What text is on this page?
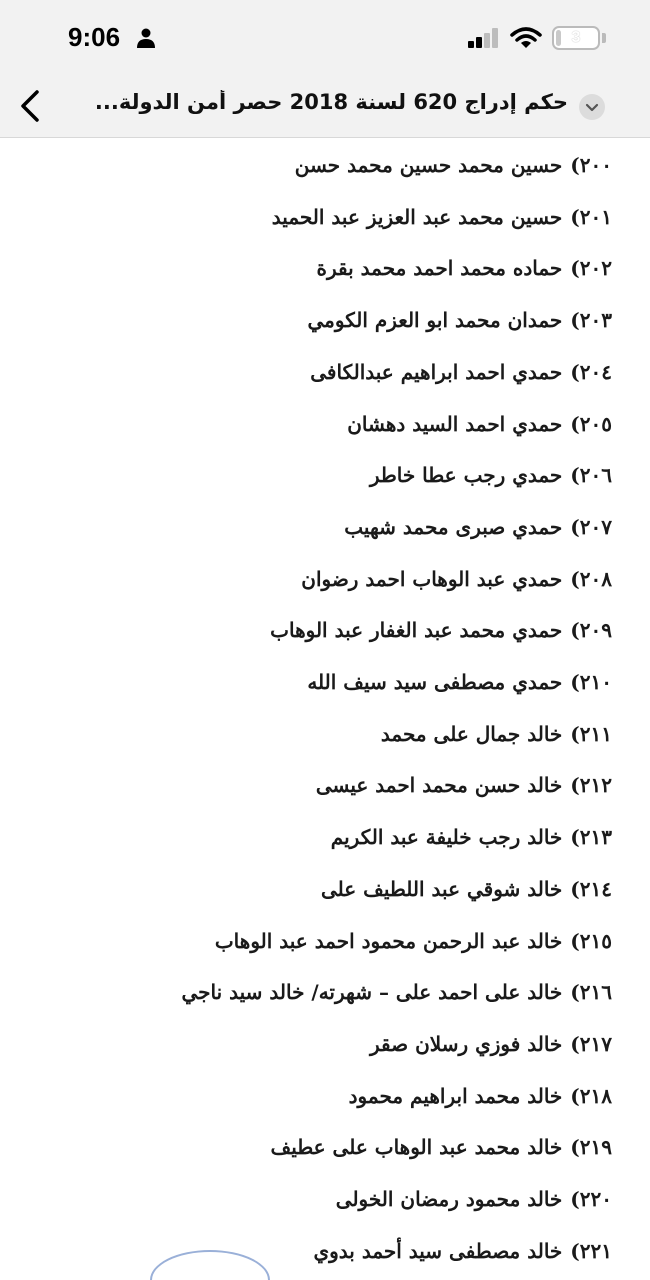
9:06	3
حكم إدراج 620 لسنة 2018 حصر أمن الدولة...
٢٠٠)حسين محمد حسين محمد حسن
٢٠١)حسين محمد عبد العزيز عبد الحميد
٢٠٢)حماده محمد احمد محمد بقرة
٢٠٣)حمدان محمد ابو العزم الكومي
٢٠٤)حمدي احمد ابراهيم عبدالكافى
٢٠٥)حمدي احمد السيد دهشان
٢٠٦)حمدي رجب عطا خاطر
٢٠٧)حمدي صبرى محمد شهيب
٢٠٨)حمدي عبد الوهاب احمد رضوان
٢٠٩)حمدي محمد عبد الغفار عبد الوهاب
٢١٠)حمدي مصطفى سيد سيف الله
٢١١)خالد جمال على محمد
٢١٢)خالد حسن محمد احمد عيسى
٢١٣)خالد رجب خليفة عبد الكريم
٢١٤)خالد شوقي عبد اللطيف على
٢١٥)خالد عبد الرحمن محمود احمد عبد الوهاب
٢١٦)خالد على احمد على – شهرته/ خالد سيد ناجي
٢١٧)خالد فوزي رسلان صقر
٢١٨)خالد محمد ابراهيم محمود
٢١٩)خالد محمد عبد الوهاب على عطيف
٢٢٠)خالد محمود رمضان الخولى
٢٢١)خالد مصطفى سيد أحمد بدوي
